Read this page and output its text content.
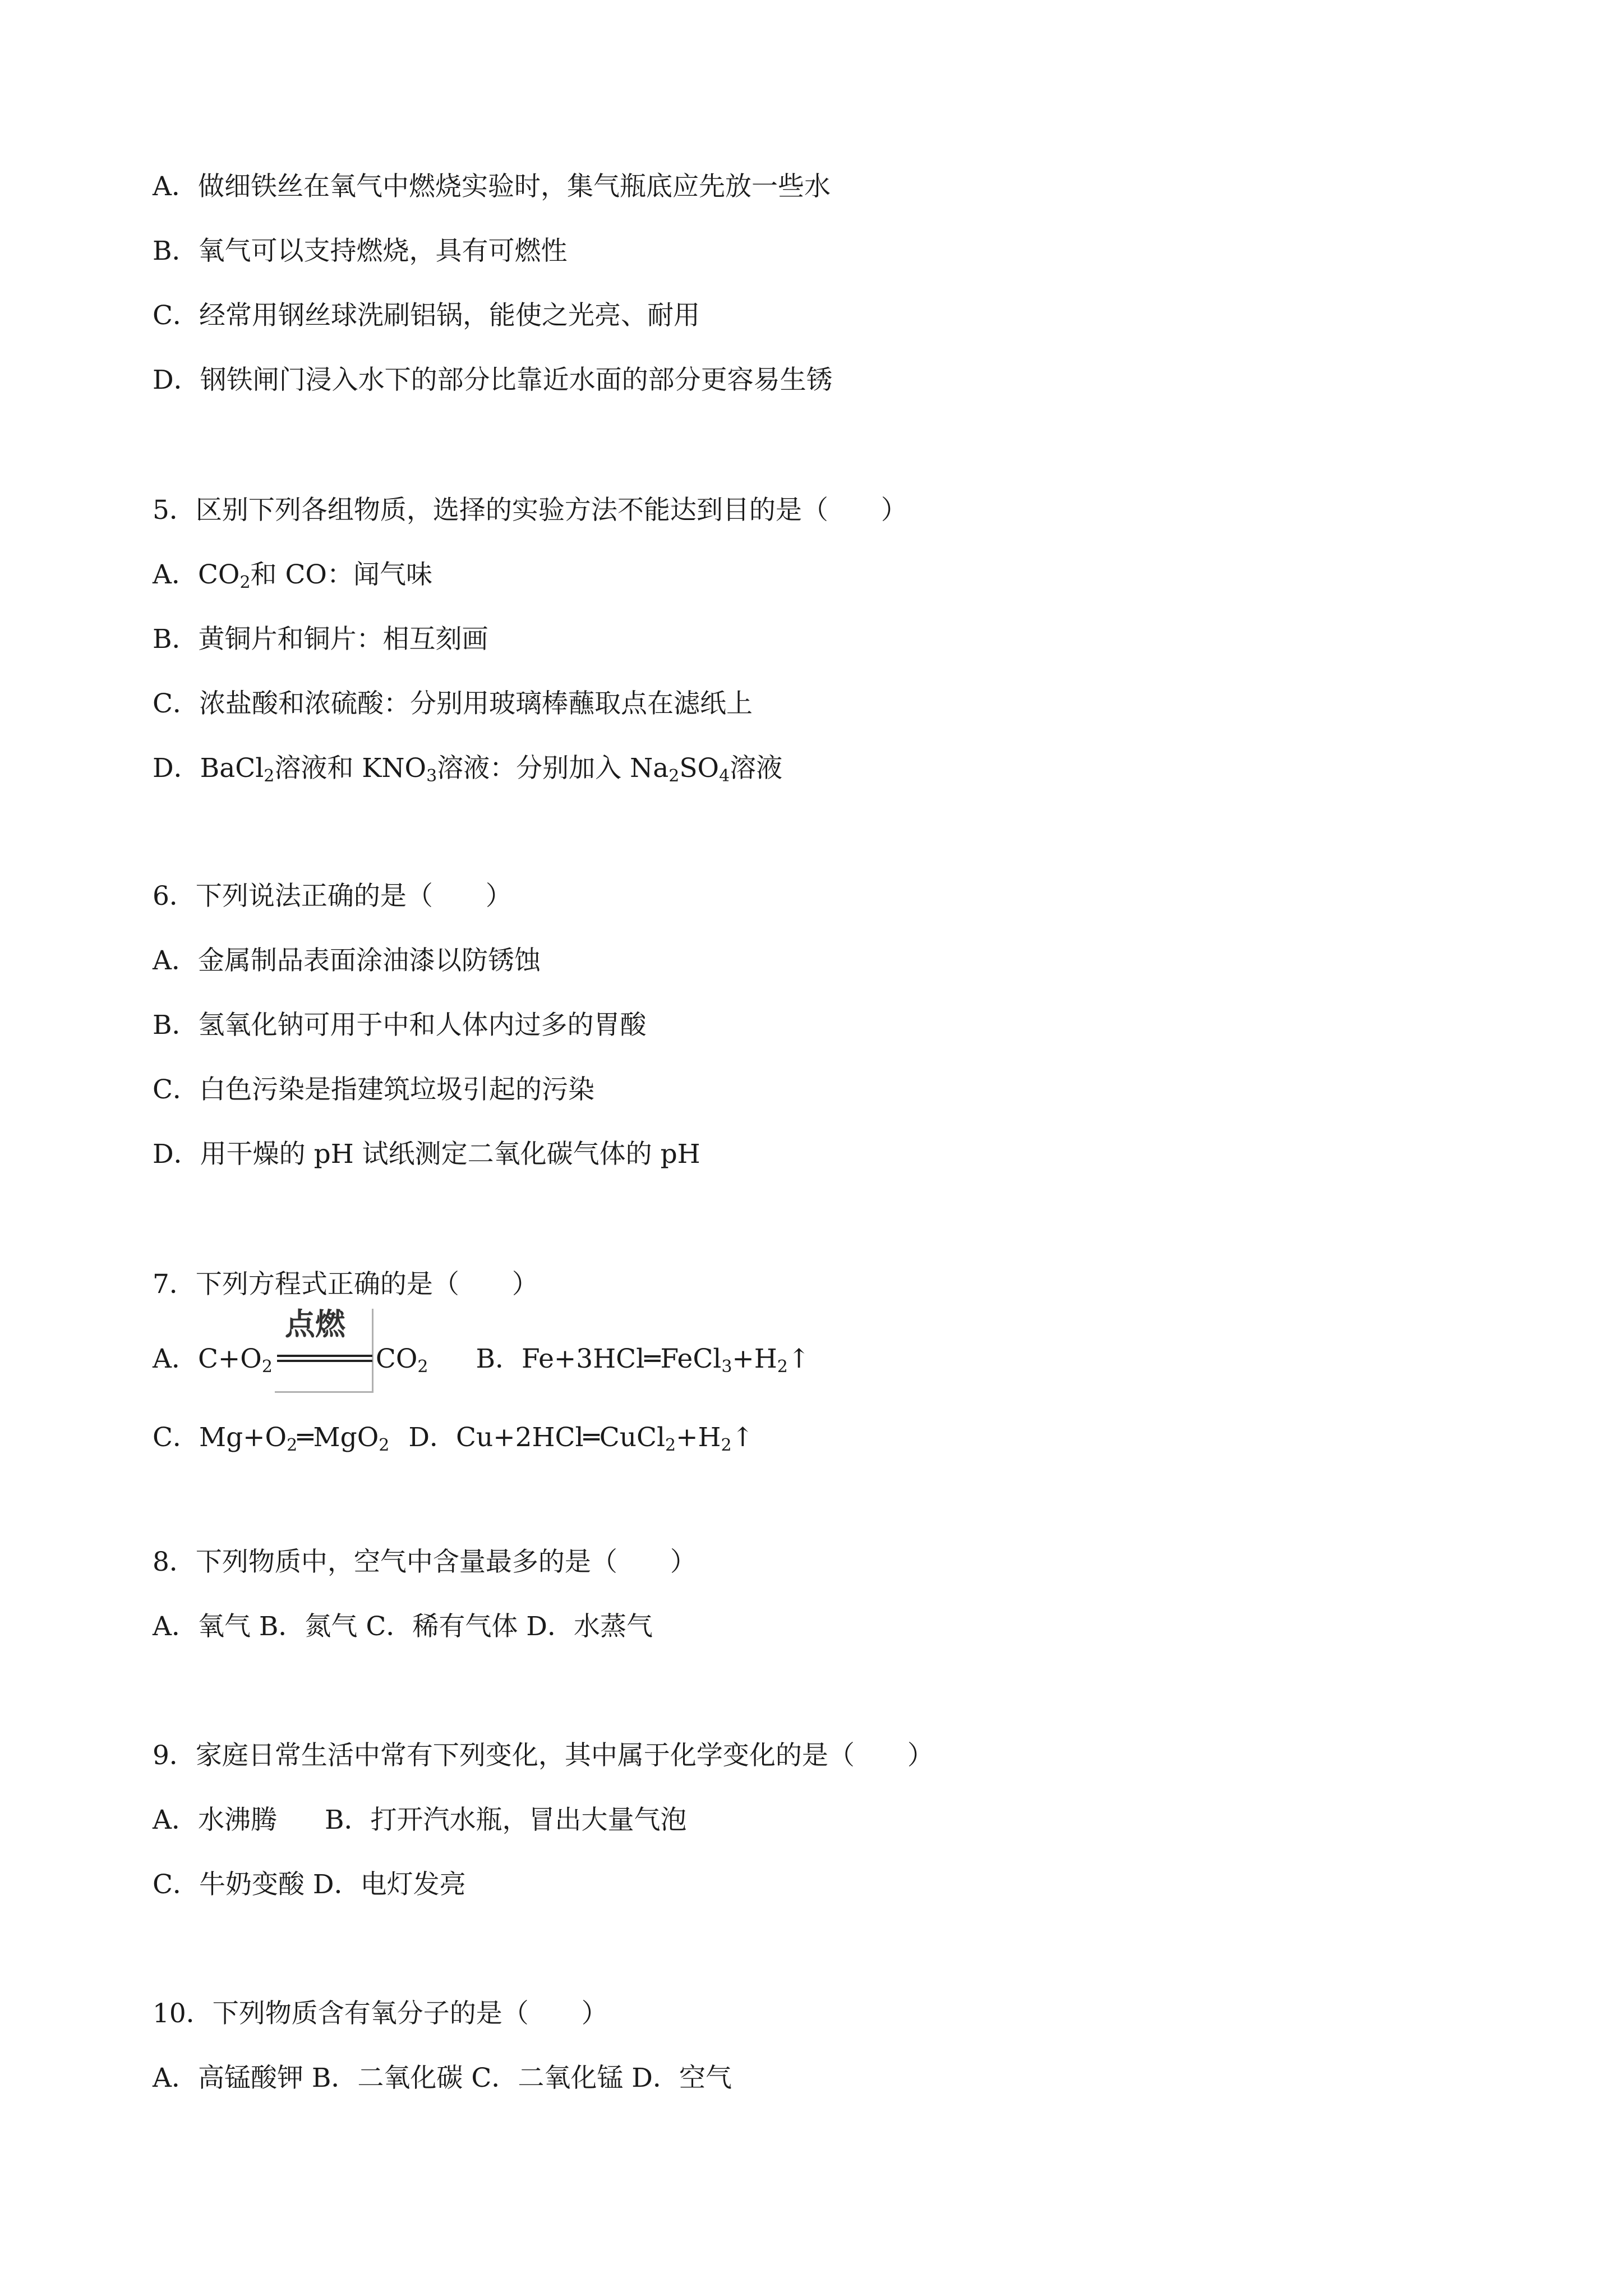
A．做细铁丝在氧气中燃烧实验时，集气瓶底应先放一些水
B．氧气可以支持燃烧，具有可燃性
C．经常用钢丝球洗刷铝锅，能使之光亮、耐用
D．钢铁闸门浸入水下的部分比靠近水面的部分更容易生锈
5．区别下列各组物质，选择的实验方法不能达到目的是（　　）
A．$CO_2$和 CO：闻气味
B．黄铜片和铜片：相互刻画
C．浓盐酸和浓硫酸：分别用玻璃棒蘸取点在滤纸上
D．BaCl$_2$溶液和 $KNO_3$溶液：分别加入 $Na_2SO_4$溶液
6．下列说法正确的是（　　）
A．金属制品表面涂油漆以防锈蚀
B．氢氧化钠可用于中和人体内过多的胃酸
C．白色污染是指建筑垃圾引起的污染
D．用干燥的 pH 试纸测定二氧化碳气体的 pH
7．下列方程式正确的是（　　）
A．$C+O_2$
点燃
$CO_2$ B．$Fe+3HCl═FeCl_3+H_2↑$
C．$Mg+O_2═MgO_2$ D．$Cu+2HCl═CuCl_2+H_2↑$
8．下列物质中，空气中含量最多的是（　　）
A．氧气 B．氮气 C．稀有气体 D．水蒸气
9．家庭日常生活中常有下列变化，其中属于化学变化的是（　　）
A．水沸腾 B．打开汽水瓶，冒出大量气泡
C．牛奶变酸 D．电灯发亮
10．下列物质含有氧分子的是（　　）
A．高锰酸钾 B．二氧化碳 C．二氧化锰 D．空气
